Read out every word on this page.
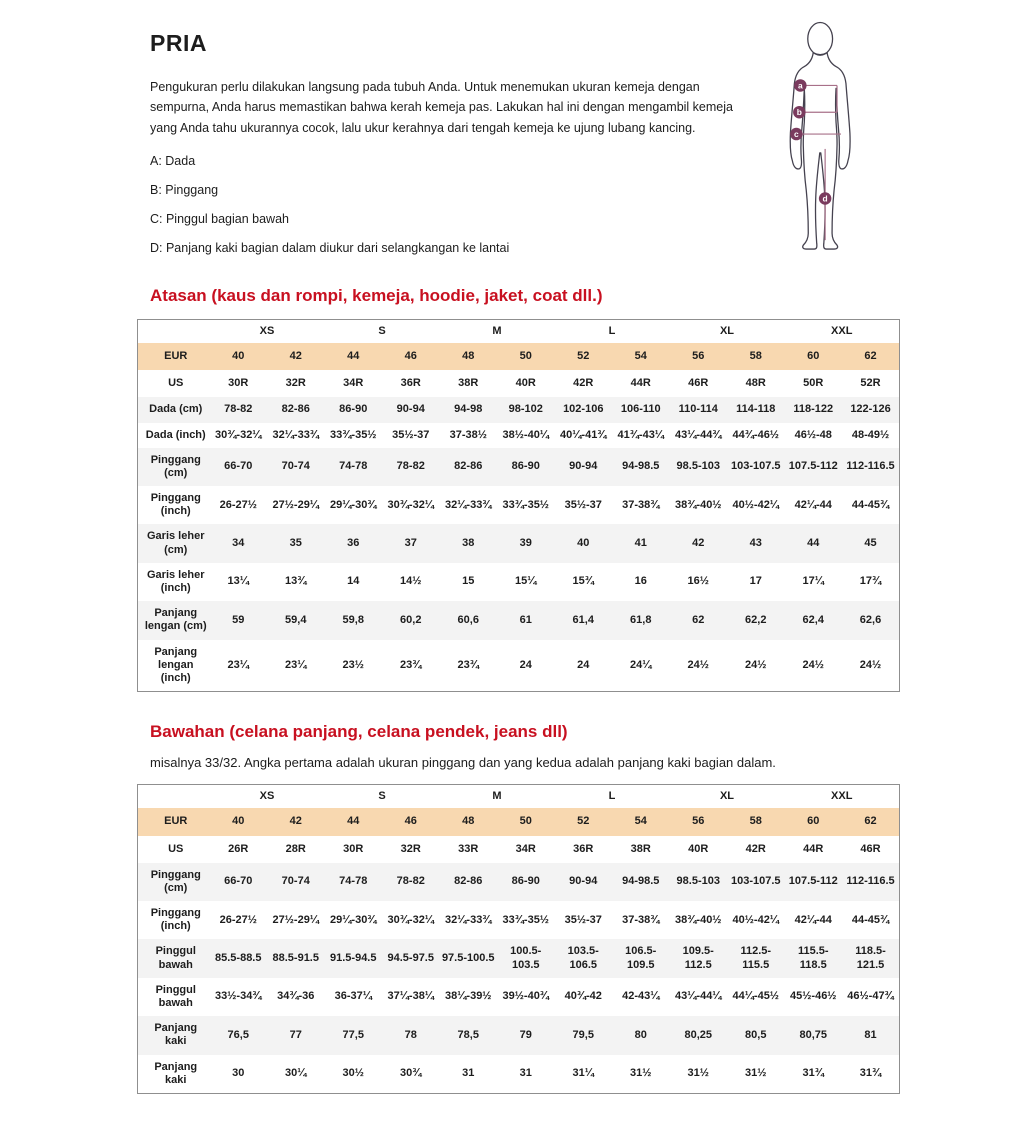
PRIA

Pengukuran perlu dilakukan langsung pada tubuh Anda. Untuk menemukan ukuran kemeja dengan sempurna, Anda harus memastikan bahwa kerah kemeja pas. Lakukan hal ini dengan mengambil kemeja yang Anda tahu ukurannya cocok, lalu ukur kerahnya dari tengah kemeja ke ujung lubang kancing.

A: Dada

B: Pinggang

C: Pinggul bagian bawah

D: Panjang kaki bagian dalam diukur dari selangkangan ke lantai

a
b
c
d
Atasan (kaus dan rompi, kemeja, hoodie, jaket, coat dll.)
	XS		S		M		L		XL		XXL	
EUR	40	42	44	46	48	50	52	54	56	58	60	62
US	30R	32R	34R	36R	38R	40R	42R	44R	46R	48R	50R	52R
Dada (cm)	78-82	82-86	86-90	90-94	94-98	98-102	102-106	106-110	110-114	114-118	118-122	122-126
Dada (inch)	30¾-32¼	32¼-33¾	33¾-35½	35½-37	37-38½	38½-40¼	40¼-41¾	41¾-43¼	43¼-44¾	44¾-46½	46½-48	48-49½
Pinggang (cm)	66-70	70-74	74-78	78-82	82-86	86-90	90-94	94-98.5	98.5-103	103-107.5	107.5-112	112-116.5
Pinggang (inch)	26-27½	27½-29¼	29¼-30¾	30¾-32¼	32¼-33¾	33¾-35½	35½-37	37-38¾	38¾-40½	40½-42¼	42¼-44	44-45¾
Garis leher (cm)	34	35	36	37	38	39	40	41	42	43	44	45
Garis leher (inch)	13¼	13¾	14	14½	15	15¼	15¾	16	16½	17	17¼	17¾
Panjang lengan (cm)	59	59,4	59,8	60,2	60,6	61	61,4	61,8	62	62,2	62,4	62,6
Panjang lengan (inch)	23¼	23¼	23½	23¾	23¾	24	24	24¼	24½	24½	24½	24½
Bawahan (celana panjang, celana pendek, jeans dll)

misalnya 33/32. Angka pertama adalah ukuran pinggang dan yang kedua adalah panjang kaki bagian dalam.

	XS		S		M		L		XL		XXL	
EUR	40	42	44	46	48	50	52	54	56	58	60	62
US	26R	28R	30R	32R	33R	34R	36R	38R	40R	42R	44R	46R
Pinggang (cm)	66-70	70-74	74-78	78-82	82-86	86-90	90-94	94-98.5	98.5-103	103-107.5	107.5-112	112-116.5
Pinggang (inch)	26-27½	27½-29¼	29¼-30¾	30¾-32¼	32¼-33¾	33¾-35½	35½-37	37-38¾	38¾-40½	40½-42¼	42¼-44	44-45¾
Pinggul bawah	85.5-88.5	88.5-91.5	91.5-94.5	94.5-97.5	97.5-100.5	100.5-103.5	103.5-106.5	106.5-109.5	109.5-112.5	112.5-115.5	115.5-118.5	118.5-121.5
Pinggul bawah	33½-34¾	34¾-36	36-37¼	37¼-38¼	38¼-39½	39½-40¾	40¾-42	42-43¼	43¼-44¼	44¼-45½	45½-46½	46½-47¾
Panjang kaki	76,5	77	77,5	78	78,5	79	79,5	80	80,25	80,5	80,75	81
Panjang kaki	30	30¼	30½	30¾	31	31	31¼	31½	31½	31½	31¾	31¾
